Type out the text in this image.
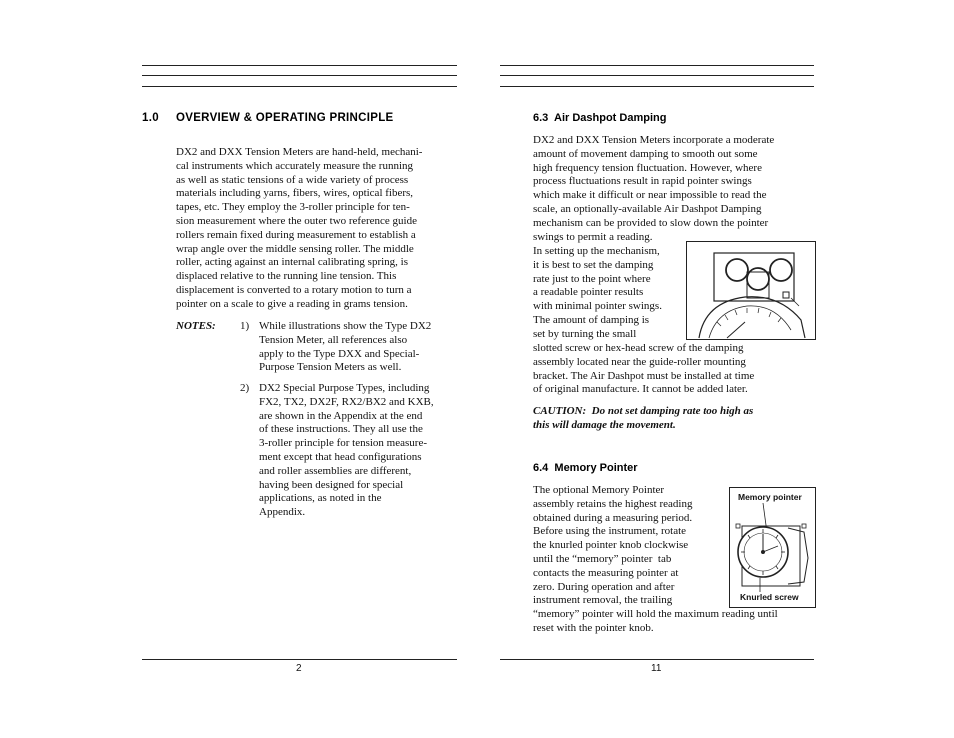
1.0 OVERVIEW & OPERATING PRINCIPLE
DX2 and DXX Tension Meters are hand-held, mechani-
cal instruments which accurately measure the running
as well as static tensions of a wide variety of process
materials including yarns, fibers, wires, optical fibers,
tapes, etc. They employ the 3-roller principle for ten-
sion measurement where the outer two reference guide
rollers remain fixed during measurement to establish a
wrap angle over the middle sensing roller. The middle
roller, acting against an internal calibrating spring, is
displaced relative to the running line tension. This
displacement is converted to a rotary motion to turn a
pointer on a scale to give a reading in grams tension.
NOTES: 1) While illustrations show the Type DX2
Tension Meter, all references also
apply to the Type DXX and Special-
Purpose Tension Meters as well.
2) DX2 Special Purpose Types, including
FX2, TX2, DX2F, RX2/BX2 and KXB,
are shown in the Appendix at the end
of these instructions. They all use the
3-roller principle for tension measure-
ment except that head configurations
and roller assemblies are different,
having been designed for special
applications, as noted in the
Appendix.
2
6.3  Air Dashpot Damping
DX2 and DXX Tension Meters incorporate a moderate
amount of movement damping to smooth out some
high frequency tension fluctuation. However, where
process fluctuations result in rapid pointer swings
which make it difficult or near impossible to read the
scale, an optionally-available Air Dashpot Damping
mechanism can be provided to slow down the pointer
swings to permit a reading.
In setting up the mechanism,
it is best to set the damping
rate just to the point where
a readable pointer results
with minimal pointer swings.
The amount of damping is
set by turning the small
slotted screw or hex-head screw of the damping
assembly located near the guide-roller mounting
bracket. The Air Dashpot must be installed at time
of original manufacture. It cannot be added later.
CAUTION:  Do not set damping rate too high as
this will damage the movement.
6.4  Memory Pointer
The optional Memory Pointer
assembly retains the highest reading
obtained during a measuring period.
Before using the instrument, rotate
the knurled pointer knob clockwise
until the “memory” pointer  tab
contacts the measuring pointer at
zero. During operation and after
instrument removal, the trailing
Memory pointer
Knurled screw
“memory” pointer will hold the maximum reading until
reset with the pointer knob.
11
